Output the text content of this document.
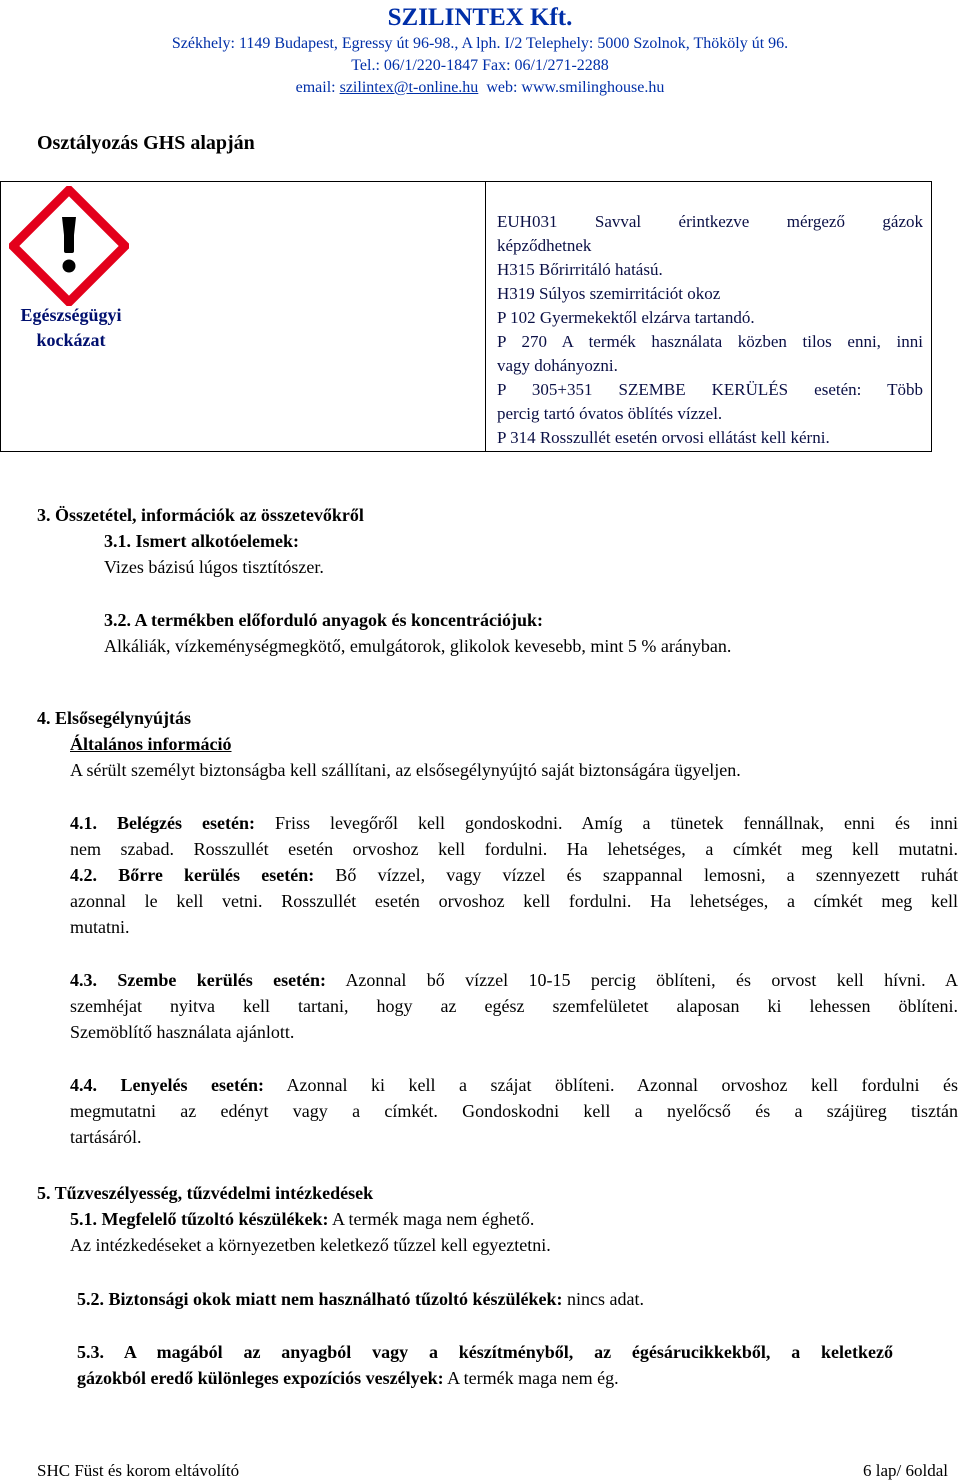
SZILINTEX Kft.
Székhely: 1149 Budapest, Egressy út 96-98., A lph. I/2 Telephely: 5000 Szolnok, Thököly út 96.
Tel.: 06/1/220-1847 Fax: 06/1/271-2288
email: szilintex@t-online.hu web: www.smilinghouse.hu
Osztályozás GHS alapján
Egészségügyi
kockázat
EUH031 Savval érintkezve mérgező gázok
képződhetnek
H315 Bőrirritáló hatású.
H319 Súlyos szemirritációt okoz
P 102 Gyermekektől elzárva tartandó.
P 270 A termék használata közben tilos enni, inni
vagy dohányozni.
P 305+351 SZEMBE KERÜLÉS esetén: Több
percig tartó óvatos öblítés vízzel.
P 314 Rosszullét esetén orvosi ellátást kell kérni.
3. Összetétel, információk az összetevőkről
3.1. Ismert alkotóelemek:
Vizes bázisú lúgos tisztítószer.
3.2. A termékben előforduló anyagok és koncentrációjuk:
Alkáliák, vízkeménységmegkötő, emulgátorok, glikolok kevesebb, mint 5 % arányban.
4. Elsősegélynyújtás
Általános információ
A sérült személyt biztonságba kell szállítani, az elsősegélynyújtó saját biztonságára ügyeljen.
4.1. Belégzés esetén: Friss levegőről kell gondoskodni. Amíg a tünetek fennállnak, enni és inni
nem szabad. Rosszullét esetén orvoshoz kell fordulni. Ha lehetséges, a címkét meg kell mutatni.
4.2. Bőrre kerülés esetén: Bő vízzel, vagy vízzel és szappannal lemosni, a szennyezett ruhát
azonnal le kell vetni. Rosszullét esetén orvoshoz kell fordulni. Ha lehetséges, a címkét meg kell
mutatni.
4.3. Szembe kerülés esetén: Azonnal bő vízzel 10-15 percig öblíteni, és orvost kell hívni. A
szemhéjat nyitva kell tartani, hogy az egész szemfelületet alaposan ki lehessen öblíteni.
Szemöblítő használata ajánlott.
4.4. Lenyelés esetén: Azonnal ki kell a szájat öblíteni. Azonnal orvoshoz kell fordulni és
megmutatni az edényt vagy a címkét. Gondoskodni kell a nyelőcső és a szájüreg tisztán
tartásáról.
5. Tűzveszélyesség, tűzvédelmi intézkedések
5.1. Megfelelő tűzoltó készülékek: A termék maga nem éghető.
Az intézkedéseket a környezetben keletkező tűzzel kell egyeztetni.
5.2. Biztonsági okok miatt nem használható tűzoltó készülékek: nincs adat.
5.3. A magából az anyagból vagy a készítményből, az égésárucikkekből, a keletkező
gázokból eredő különleges expozíciós veszélyek: A termék maga nem ég.
SHC Füst és korom eltávolító	6 lap/ 6oldal
